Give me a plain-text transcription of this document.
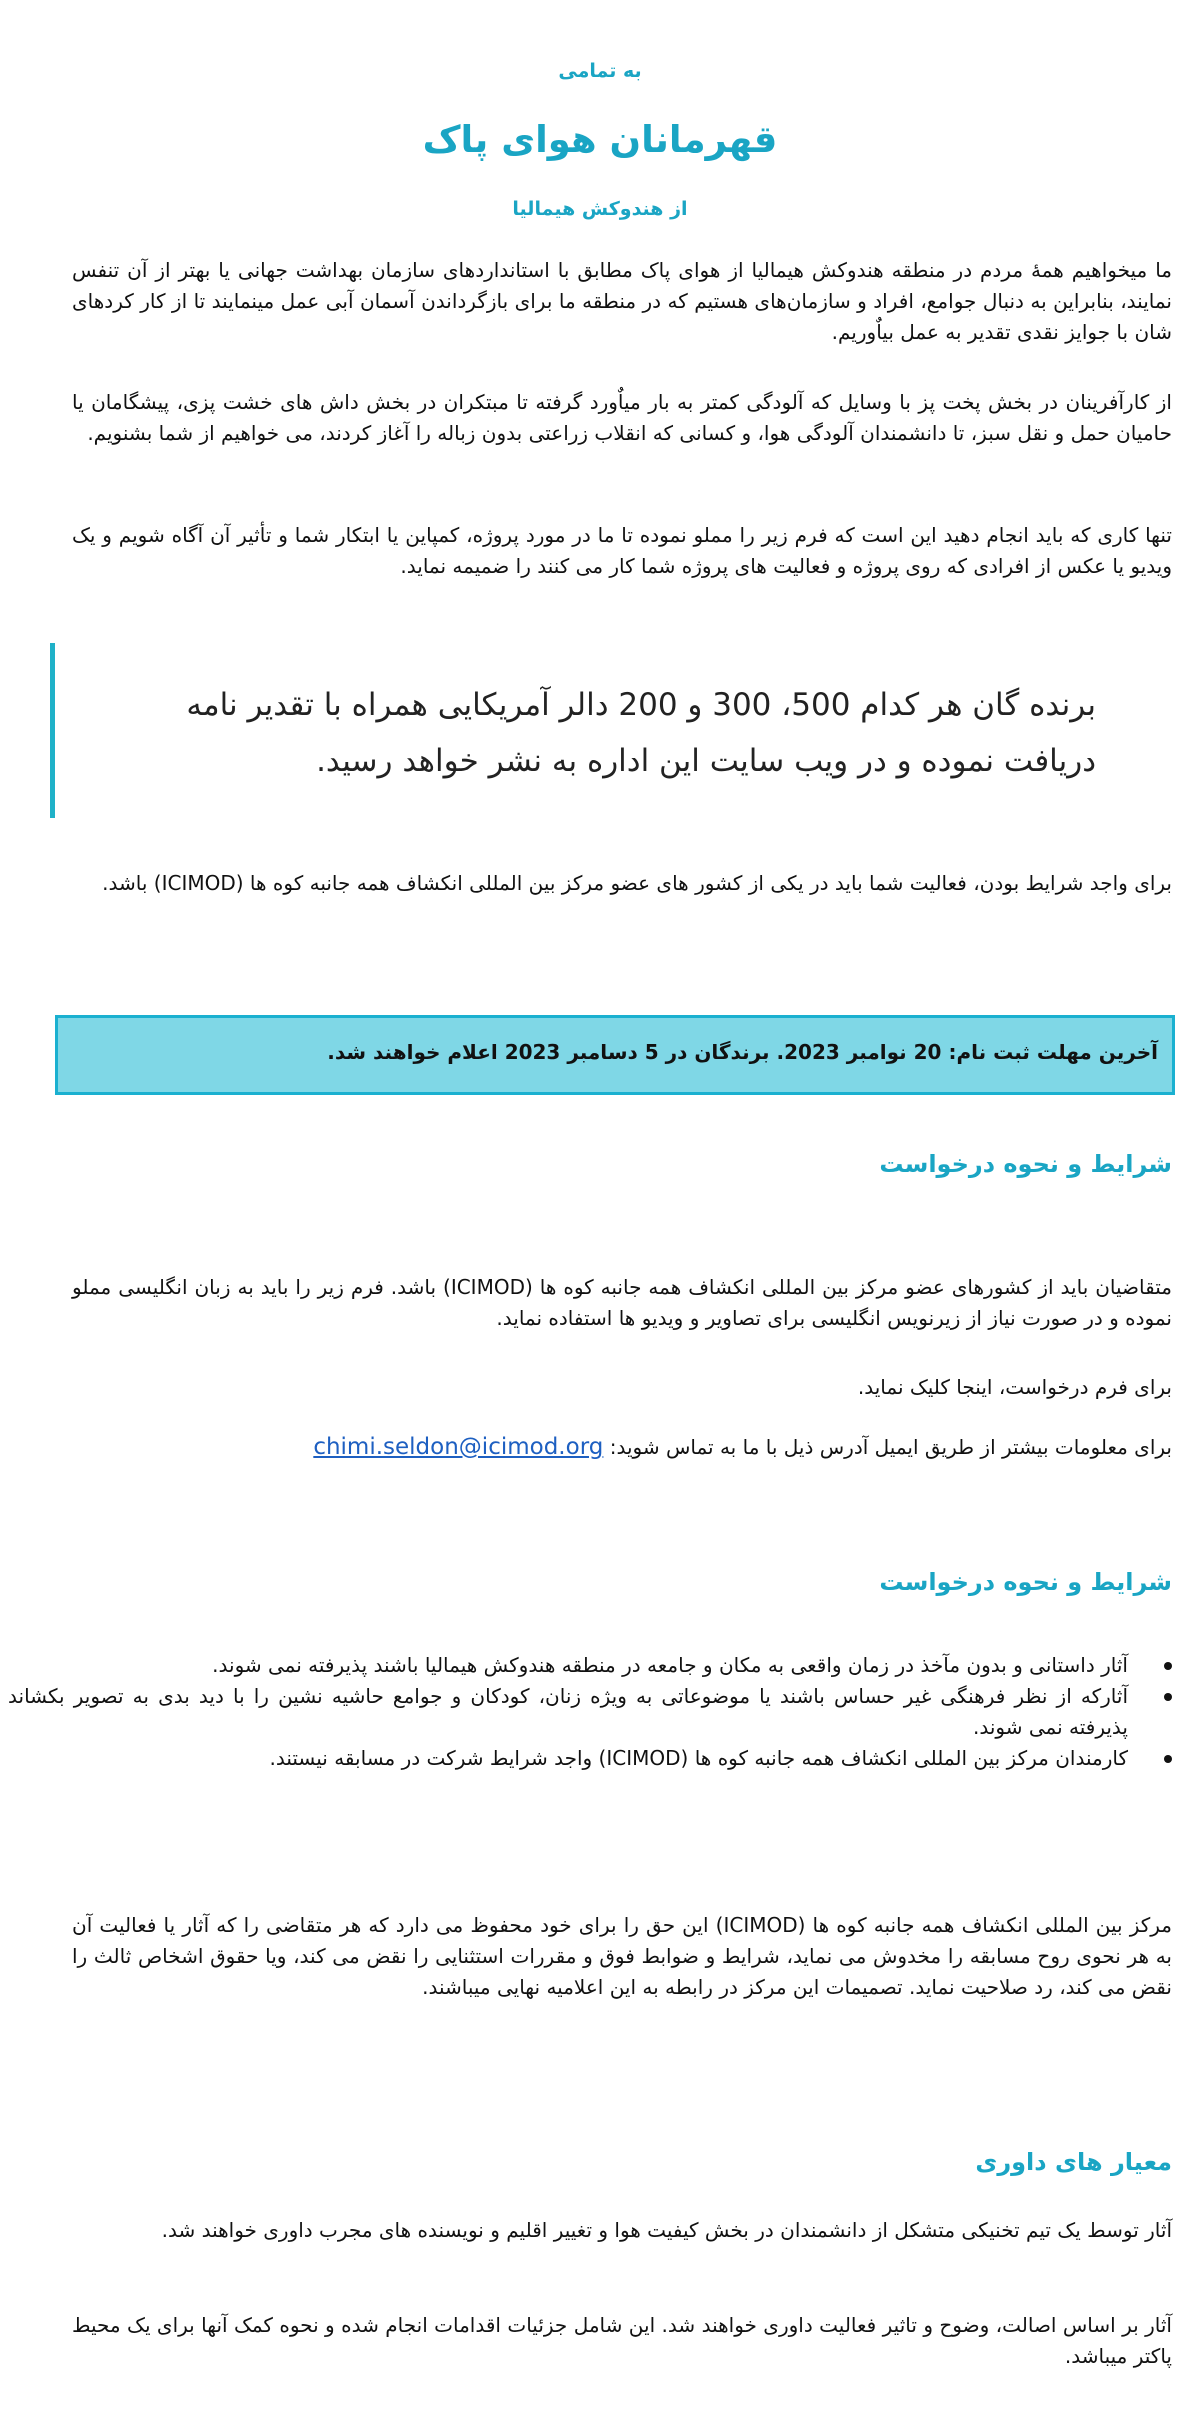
به تمامی

قهرمانان هوای پاک

از هندوکش هیمالیا

ما میخواهیم همۀ مردم در منطقه هندوکش هیمالیا از هوای پاک مطابق با استانداردهای سازمان بهداشت جهانی یا بهتر از آن تنفس نمایند، بنابراین به دنبال جوامع، افراد و سازمان‌های هستیم که در منطقه ما برای بازگرداندن آسمان آبی عمل مینمایند تا از کار کردهای شان با جوایز نقدی تقدیر به عمل بیاٌوریم.

از کارآفرینان در بخش پخت پز با وسایل که آلودگی کمتر به بار میاٌورد گرفته تا مبتکران در بخش داش های خشت پزی، پیشگامان یا حامیان حمل و نقل سبز، تا دانشمندان آلودگی هوا، و کسانی که انقلاب زراعتی بدون زباله را آغاز کردند، می خواهیم از شما بشنویم.

تنها کاری که باید انجام دهید این است که فرم زیر را مملو نموده تا ما در مورد پروژه، کمپاین یا ابتکار شما و تأثیر آن آگاه شویم و یک ویدیو یا عکس از افرادی که روی پروژه و فعالیت های پروژه شما کار می کنند را ضمیمه نماید.

برنده گان هر کدام 500، 300 و 200 دالر آمریکایی همراه با تقدیر نامه دریافت نموده و در ویب سایت این اداره به نشر خواهد رسید.

برای واجد شرایط بودن، فعالیت شما باید در یکی از کشور های عضو مرکز بین المللی انکشاف همه جانبه کوه ها (ICIMOD) باشد.

آخرین مهلت ثبت نام: 20 نوامبر 2023. برندگان در 5 دسامبر 2023 اعلام خواهند شد.
شرایط و نحوه درخواست

متقاضیان باید از کشورهای عضو مرکز بین المللی انکشاف همه جانبه کوه ها (ICIMOD) باشد. فرم زیر را باید به زبان انگلیسی مملو نموده و در صورت نیاز از زیرنویس انگلیسی برای تصاویر و ویدیو ها استفاده نماید.

برای فرم درخواست، اینجا کلیک نماید.

برای معلومات بیشتر از طریق ایمیل آدرس ذیل با ما به تماس شوید: chimi.seldon@icimod.org

شرایط و نحوه درخواست
آثار داستانی و بدون مآخذ در زمان واقعی به مکان و جامعه در منطقه هندوکش هیمالیا باشند پذیرفته نمی شوند.
آثارکه از نظر فرهنگی غیر حساس باشند یا موضوعاتی به ویژه زنان، کودکان و جوامع حاشیه نشین را با دید بدی به تصویر بکشاند پذیرفته نمی شوند.
کارمندان مرکز بین المللی انکشاف همه جانبه کوه ها (ICIMOD) واجد شرایط شرکت در مسابقه نیستند.

مرکز بین المللی انکشاف همه جانبه کوه ها (ICIMOD) این حق را برای خود محفوظ می دارد که هر متقاضی را که آثار یا فعالیت آن به هر نحوی روح مسابقه را مخدوش می نماید، شرایط و ضوابط فوق و مقررات استثنایی را نقض می کند، ویا حقوق اشخاص ثالث را نقض می کند، رد صلاحیت نماید. تصمیمات این مرکز در رابطه به این اعلامیه نهایی میباشند.

معیار های داوری

آثار توسط یک تیم تخنیکی متشکل از دانشمندان در بخش کیفیت هوا و تغییر اقلیم و نویسنده های مجرب داوری خواهند شد.

آثار بر اساس اصالت، وضوح و تاثیر فعالیت داوری خواهند شد. این شامل جزئیات اقدامات انجام شده و نحوه کمک آنها برای یک محیط پاکتر میباشد.
